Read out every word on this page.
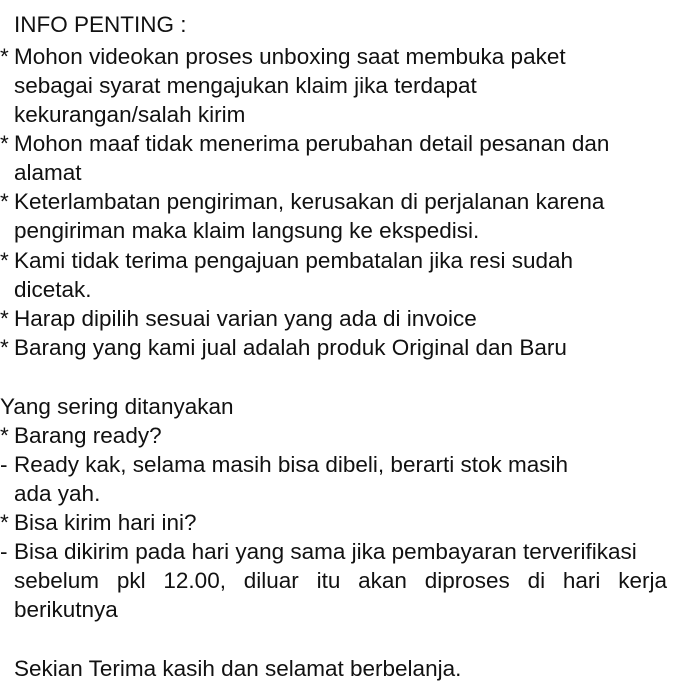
INFO PENTING :
* Mohon videokan proses unboxing saat membuka paket
sebagai syarat mengajukan klaim jika terdapat
kekurangan/salah kirim
* Mohon maaf tidak menerima perubahan detail pesanan dan
alamat
* Keterlambatan pengiriman, kerusakan di perjalanan karena
pengiriman maka klaim langsung ke ekspedisi.
* Kami tidak terima pengajuan pembatalan jika resi sudah
dicetak.
* Harap dipilih sesuai varian yang ada di invoice
* Barang yang kami jual adalah produk Original dan Baru
Yang sering ditanyakan
* Barang ready?
- Ready kak, selama masih bisa dibeli, berarti stok masih
ada yah.
* Bisa kirim hari ini?
- Bisa dikirim pada hari yang sama jika pembayaran terverifikasi
sebelum pkl 12.00, diluar itu akan diproses di hari kerja
berikutnya
Sekian Terima kasih dan selamat berbelanja.
